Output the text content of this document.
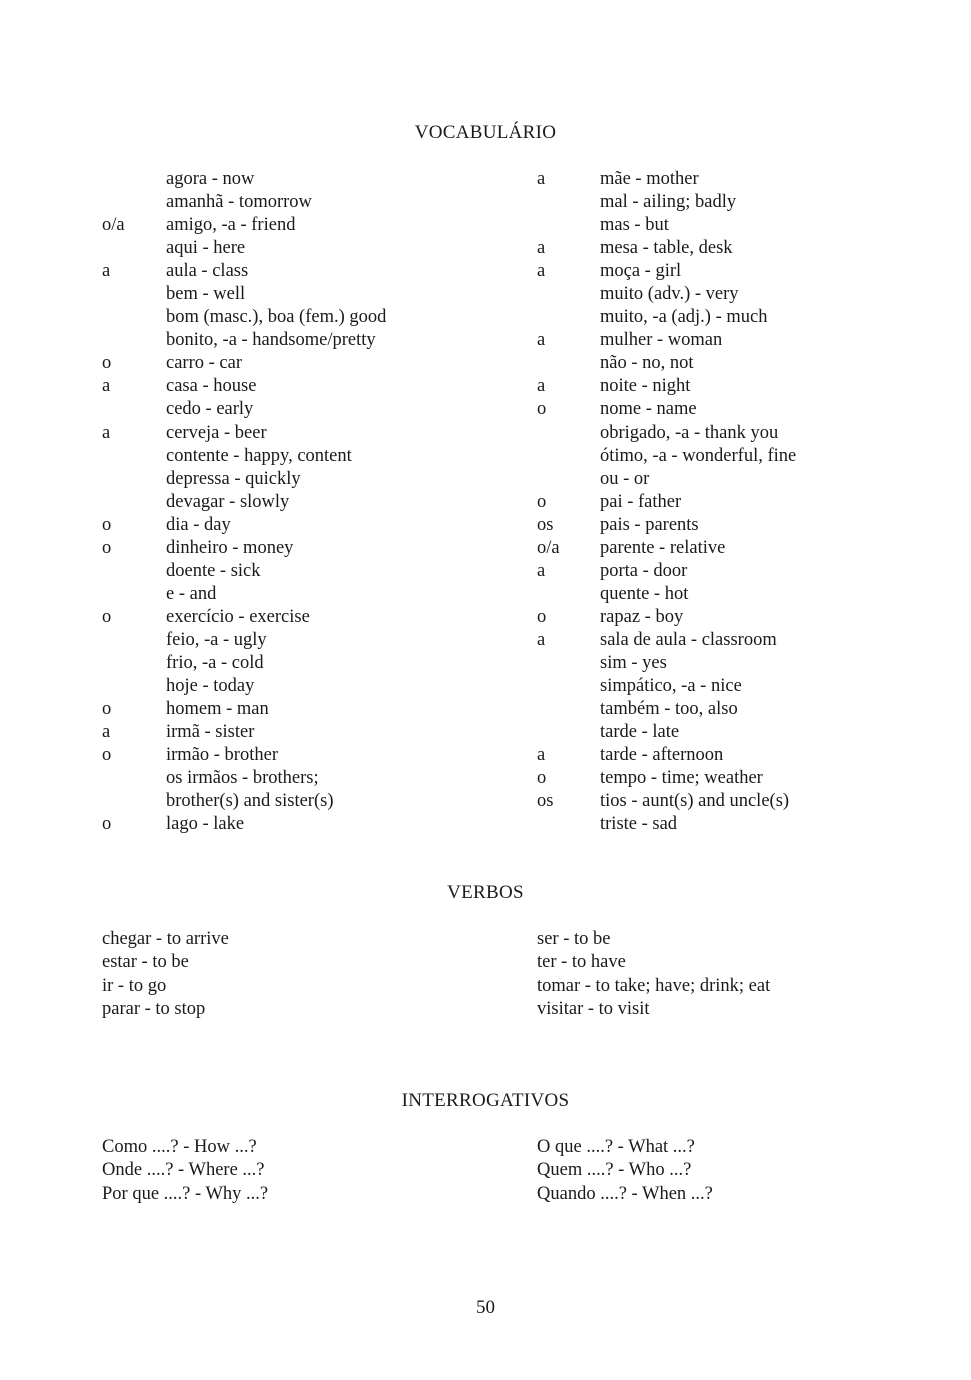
VOCABULÁRIO
agora - now
amanhã - tomorrow
o/a amigo, -a - friend
aqui - here
a	aula - class
bem - well
bom (masc.), boa (fem.) good
bonito, -a - handsome/pretty
o	carro - car
a	casa - house
cedo - early
a	cerveja - beer
contente - happy, content
depressa - quickly
devagar - slowly
o	dia - day
o	dinheiro - money
doente - sick
e - and
o	exercício - exercise
feio, -a - ugly
frio, -a - cold
hoje - today
o	homem - man
a	irmã - sister
o	irmão - brother
os irmãos - brothers;
brother(s) and sister(s)
o	lago - lake
a	mãe - mother
mal - ailing; badly
mas - but
a	mesa - table, desk
a	moça - girl
muito (adv.) - very
muito, -a (adj.) - much
a	mulher - woman
não - no, not
a	noite - night
o	nome - name
obrigado, -a - thank you
ótimo, -a - wonderful, fine
ou - or
o	pai - father
os	pais - parents
o/a parente - relative
a	porta - door
quente - hot
o	rapaz - boy
a	sala de aula - classroom
sim - yes
simpático, -a - nice
também - too, also
tarde - late
a	tarde - afternoon
o	tempo - time; weather
os	tios - aunt(s) and uncle(s)
triste - sad
VERBOS
chegar - to arrive
estar - to be
ir - to go
parar - to stop
ser - to be
ter - to have
tomar - to take; have; drink; eat
visitar - to visit
INTERROGATIVOS
Como ....? - How ...?
Onde ....? - Where ...?
Por que ....? - Why ...?
O que ....? - What ...?
Quem ....? - Who ...?
Quando ....? - When ...?
50
